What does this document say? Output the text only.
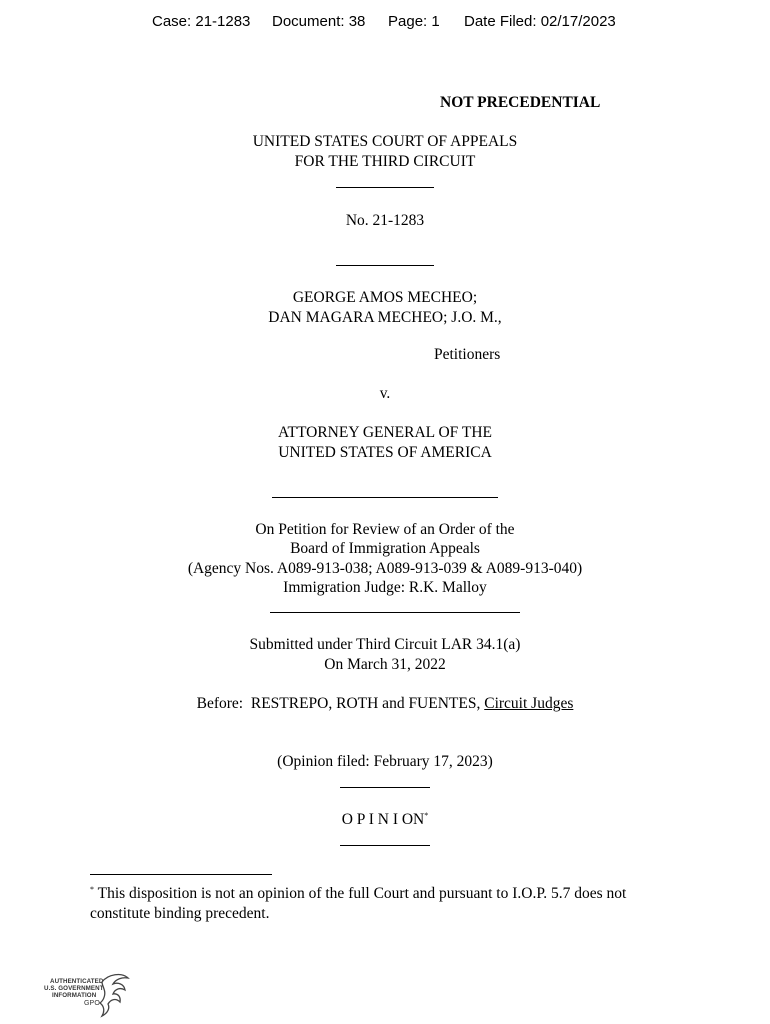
Case: 21-1283 Document: 38 Page: 1 Date Filed: 02/17/2023
NOT PRECEDENTIAL
UNITED STATES COURT OF APPEALS
FOR THE THIRD CIRCUIT
No. 21-1283
GEORGE AMOS MECHEO;
DAN MAGARA MECHEO; J.O. M.,
Petitioners
v.
ATTORNEY GENERAL OF THE
UNITED STATES OF AMERICA
On Petition for Review of an Order of the
Board of Immigration Appeals
(Agency Nos. A089-913-038; A089-913-039 & A089-913-040)
Immigration Judge: R.K. Malloy
Submitted under Third Circuit LAR 34.1(a)
On March 31, 2022
Before:  RESTREPO, ROTH and FUENTES, Circuit Judges
(Opinion filed: February 17, 2023)
O P I N I ON*
* This disposition is not an opinion of the full Court and pursuant to I.O.P. 5.7 does not
constitute binding precedent.
AUTHENTICATED
U.S. GOVERNMENT
INFORMATION
GPO
